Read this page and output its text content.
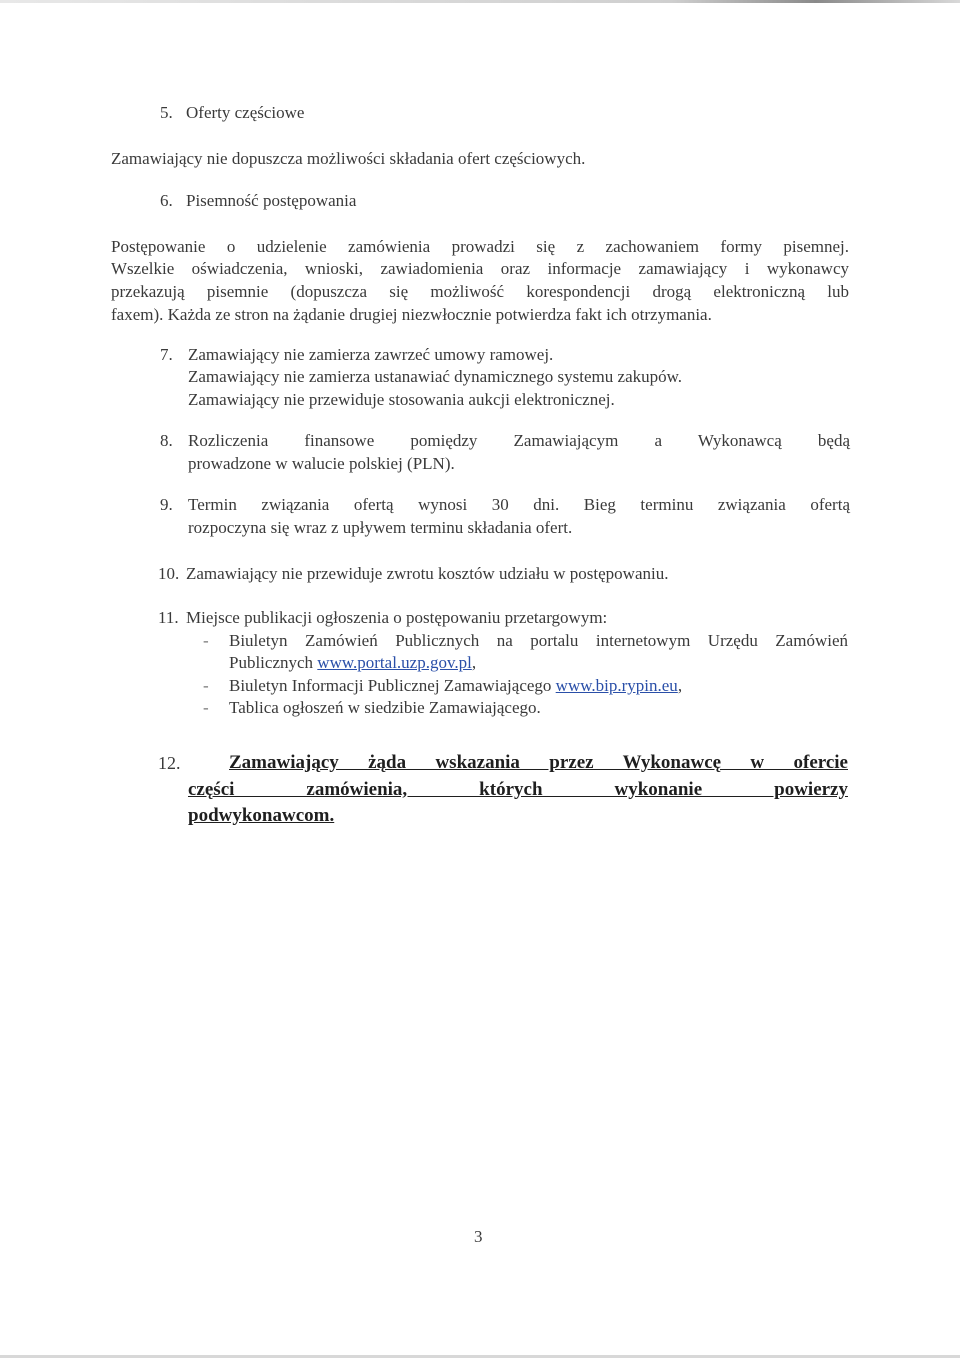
5. Oferty częściowe
Zamawiający nie dopuszcza możliwości składania ofert częściowych.
6. Pisemność postępowania
Postępowanie o udzielenie zamówienia prowadzi się z zachowaniem formy pisemnej.
Wszelkie oświadczenia, wnioski, zawiadomienia oraz informacje zamawiający i wykonawcy
przekazują pisemnie (dopuszcza się możliwość korespondencji drogą elektroniczną lub
faxem). Każda ze stron na żądanie drugiej niezwłocznie potwierdza fakt ich otrzymania.
7. Zamawiający nie zamierza zawrzeć umowy ramowej.
Zamawiający nie zamierza ustanawiać dynamicznego systemu zakupów.
Zamawiający nie przewiduje stosowania aukcji elektronicznej.
8. Rozliczenia finansowe pomiędzy Zamawiającym a Wykonawcą będą
prowadzone w walucie polskiej (PLN).
9. Termin związania ofertą wynosi 30 dni. Bieg terminu związania ofertą
rozpoczyna się wraz z upływem terminu składania ofert.
10. Zamawiający nie przewiduje zwrotu kosztów udziału w postępowaniu.
11. Miejsce publikacji ogłoszenia o postępowaniu przetargowym:
- Biuletyn Zamówień Publicznych na portalu internetowym Urzędu Zamówień
Publicznych www.portal.uzp.gov.pl,
- Biuletyn Informacji Publicznej Zamawiającego www.bip.rypin.eu,
- Tablica ogłoszeń w siedzibie Zamawiającego.
12.	Zamawiający żąda wskazania przez Wykonawcę w ofercie
części zamówienia, których wykonanie powierzy
podwykonawcom.
3
